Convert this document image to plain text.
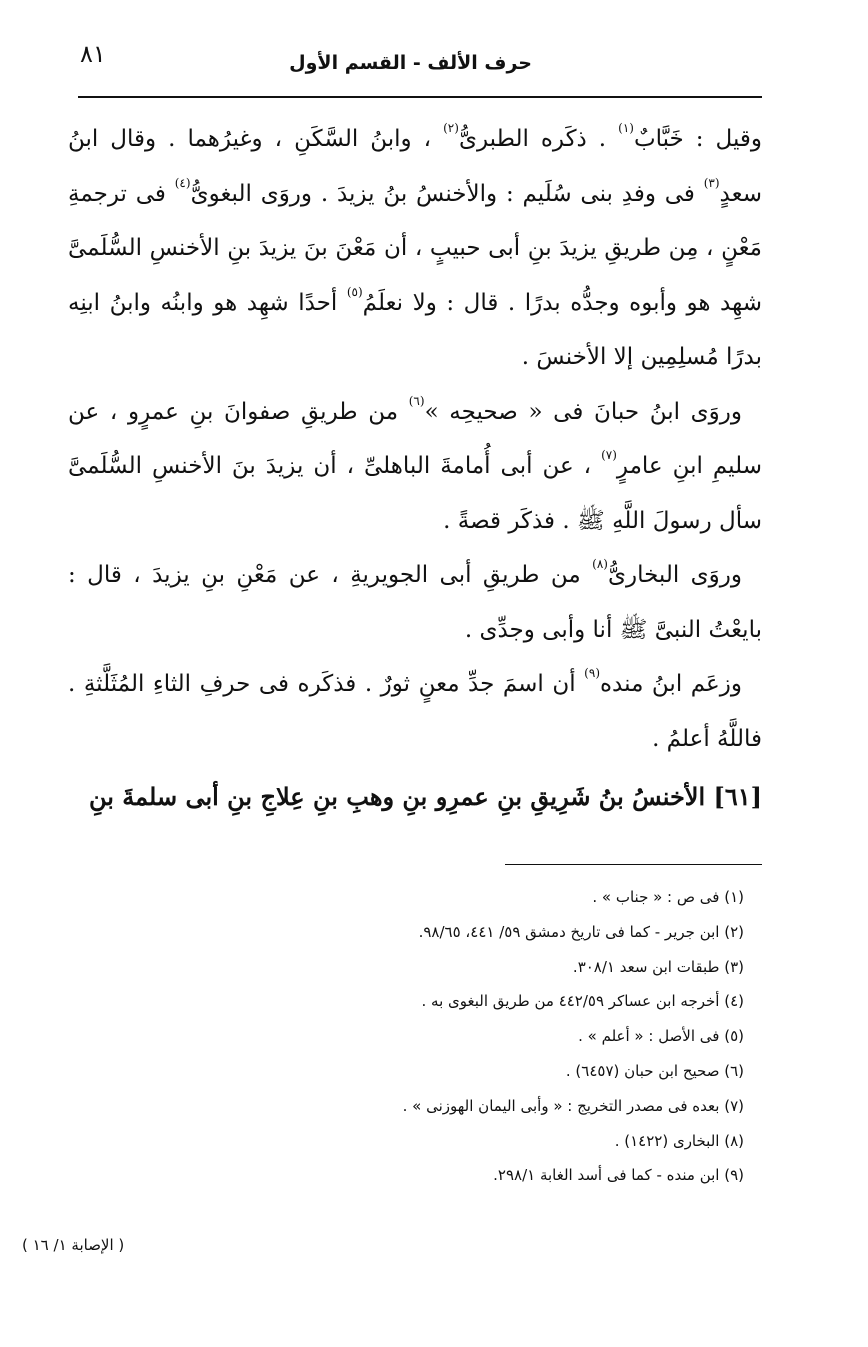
٨١	حرف الألف - القسم الأول

وقيل : خَبَّابٌ$^{(١)}$ . ذكَره الطبرىُّ$^{(٢)}$ ، وابنُ السَّكَنِ ، وغيرُهما . وقال ابنُ سعدٍ$^{(٣)}$ فى وفدِ بنى سُلَيم : والأخنسُ بنُ يزيدَ . وروَى البغوىُّ$^{(٤)}$ فى ترجمةِ مَعْنٍ ، مِن طريقِ يزيدَ بنِ أبى حبيبٍ ، أن مَعْنَ بنَ يزيدَ بنِ الأخنسِ السُّلَمىَّ شهِد هو وأبوه وجدُّه بدرًا . قال : ولا نعلَمُ$^{(٥)}$ أحدًا شهِد هو وابنُه وابنُ ابنِه بدرًا مُسلِمِين إلا الأخنسَ .

وروَى ابنُ حبانَ فى « صحيحِه »$^{(٦)}$ من طريقِ صفوانَ بنِ عمرٍو ، عن سليمِ ابنِ عامرٍ$^{(٧)}$ ، عن أبى أُمامةَ الباهلىِّ ، أن يزيدَ بنَ الأخنسِ السُّلَمىَّ سأل رسولَ اللَّهِ ﷺ . فذكَر قصةً .

وروَى البخارىُّ$^{(٨)}$ من طريقِ أبى الجويريةِ ، عن مَعْنِ بنِ يزيدَ ، قال : بايعْتُ النبىَّ ﷺ أنا وأبى وجدِّى .

وزعَم ابنُ منده$^{(٩)}$ أن اسمَ جدِّ معنٍ ثورٌ . فذكَره فى حرفِ الثاءِ المُثَلَّثةِ . فاللَّهُ أعلمُ .

[٦١] الأخنسُ بنُ شَرِيقِ بنِ عمرِو بنِ وهبِ بنِ عِلاجِ بنِ أبى سلمةَ بنِ

(١) فى ص : « جناب » .
(٢) ابن جرير - كما فى تاريخ دمشق ٥٩/ ٤٤١، ٩٨/٦٥.
(٣) طبقات ابن سعد ٣٠٨/١.
(٤) أخرجه ابن عساكر ٤٤٢/٥٩ من طريق البغوى به .
(٥) فى الأصل : « أعلم » .
(٦) صحيح ابن حبان (٦٤٥٧) .
(٧) بعده فى مصدر التخريج : « وأبى اليمان الهوزنى » .
(٨) البخارى (١٤٢٢) .
(٩) ابن منده - كما فى أسد الغابة ٢٩٨/١.
( الإصابة ١/ ١٦ )
